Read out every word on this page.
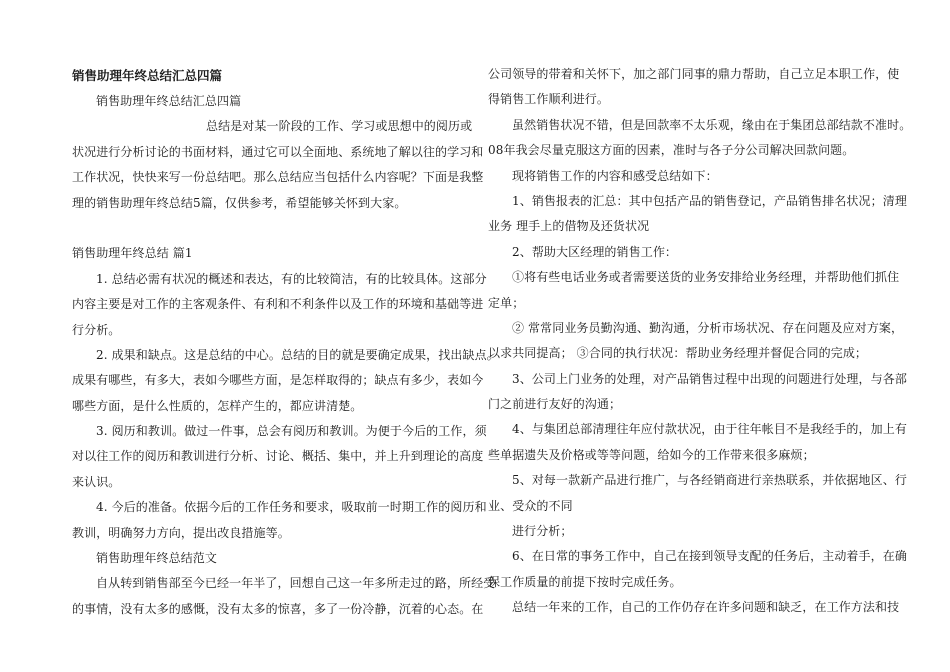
销售助理年终总结汇总四篇
销售助理年终总结汇总四篇
总结是对某一阶段的工作、学习或思想中的阅历或
状况进行分析讨论的书面材料，通过它可以全面地、系统地了解以往的学习和
工作状况，快快来写一份总结吧。那么总结应当包括什么内容呢？下面是我整
理的销售助理年终总结5篇，仅供参考，希望能够关怀到大家。
销售助理年终总结 篇1
1. 总结必需有状况的概述和表达，有的比较简洁，有的比较具体。这部分
内容主要是对工作的主客观条件、有利和不利条件以及工作的环境和基础等进
行分析。
2. 成果和缺点。这是总结的中心。总结的目的就是要确定成果，找出缺点。
成果有哪些，有多大，表如今哪些方面，是怎样取得的；缺点有多少，表如今
哪些方面，是什么性质的，怎样产生的，都应讲清楚。
3. 阅历和教训。做过一件事，总会有阅历和教训。为便于今后的工作，须
对以往工作的阅历和教训进行分析、讨论、概括、集中，并上升到理论的高度
来认识。
4. 今后的准备。依据今后的工作任务和要求，吸取前一时期工作的阅历和
教训，明确努力方向，提出改良措施等。
销售助理年终总结范文
自从转到销售部至今已经一年半了，回想自己这一年多所走过的路，所经受
的事情，没有太多的感慨，没有太多的惊喜，多了一份冷静，沉着的心态。在
公司领导的带着和关怀下，加之部门同事的鼎力帮助，自己立足本职工作，使
得销售工作顺利进行。
虽然销售状况不错，但是回款率不太乐观，缘由在于集团总部结款不准时。
08年我会尽量克服这方面的因素，准时与各子分公司解决回款问题。
现将销售工作的内容和感受总结如下：
1、销售报表的汇总：其中包括产品的销售登记，产品销售排名状况；清理
业务 理手上的借物及还货状况
2、帮助大区经理的销售工作：
①将有些电话业务或者需要送货的业务安排给业务经理，并帮助他们抓住
定单；
② 常常同业务员勤沟通、勤沟通，分析市场状况、存在问题及应对方案，
以求共同提高； ③合同的执行状况：帮助业务经理并督促合同的完成；
3、公司上门业务的处理，对产品销售过程中出现的问题进行处理，与各部
门之前进行友好的沟通；
4、与集团总部清理往年应付款状况，由于往年帐目不是我经手的，加上有
些单据遗失及价格或等等问题，给如今的工作带来很多麻烦；
5、对每一款新产品进行推广，与各经销商进行亲热联系，并依据地区、行
业、受众的不同
进行分析；
6、在日常的事务工作中，自己在接到领导支配的任务后，主动着手，在确
保工作质量的前提下按时完成任务。
总结一年来的工作，自己的工作仍存在许多问题和缺乏，在工作方法和技
